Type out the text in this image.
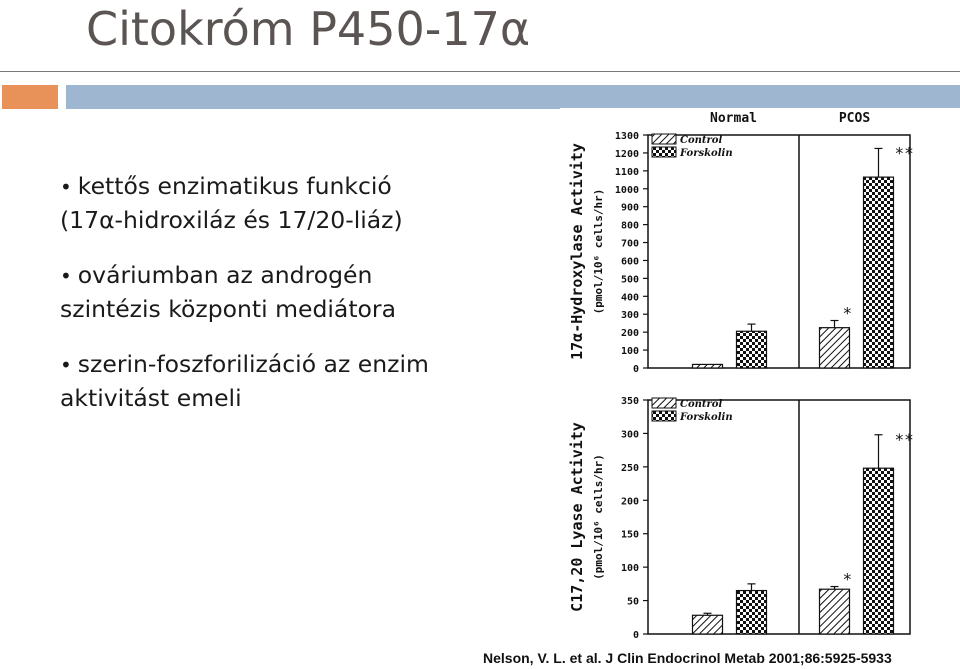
Citokróm P450-17α
• kettős enzimatikus funkció (17α-hidroxiláz és 17/20-liáz)
• ováriumban az androgén szintézis központi mediátora
• szerin-foszforilizáció az enzim aktivitást emeli
0
100
200
300
400
500
600
700
800
900
1000
1100
1200
1300
17α-Hydroxylase Activity (pmol/10⁶ cells/hr)
Normal	PCOS
Control
Forskolin
*
**
0
50
100
150
200
250
300
350
C17,20 Lyase Activity (pmol/10⁶ cells/hr)
Control
Forskolin
*
**
Nelson, V. L. et al. J Clin Endocrinol Metab 2001;86:5925-5933
